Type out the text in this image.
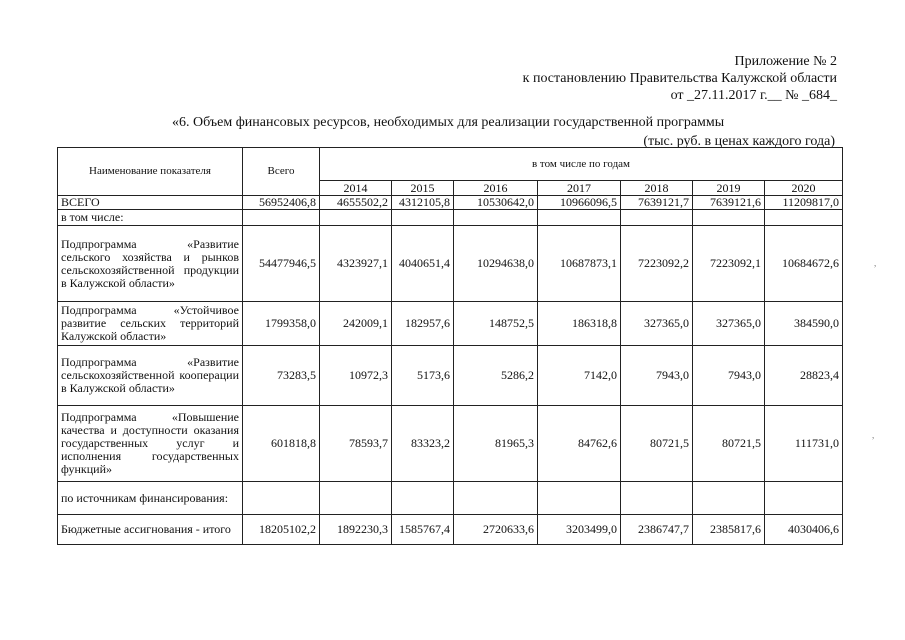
Приложение № 2
к постановлению Правительства Калужской области
от _27.11.2017 г.__ № _684_
«6. Объем финансовых ресурсов, необходимых для реализации государственной программы
(тыс. руб. в ценах каждого года)
Наименование показателя	Всего	в том числе по годам						
		2014	2015	2016	2017	2018	2019	2020
ВСЕГО	56952406,8	4655502,2	4312105,8	10530642,0	10966096,5	7639121,7	7639121,6	11209817,0
в том числе:								
Подпрограмма «Развитие сельского хозяйства и рынков сельскохозяйственной продукции в Калужской области»	54477946,5	4323927,1	4040651,4	10294638,0	10687873,1	7223092,2	7223092,1	10684672,6
Подпрограмма «Устойчивое развитие сельских территорий Калужской области»	1799358,0	242009,1	182957,6	148752,5	186318,8	327365,0	327365,0	384590,0
Подпрограмма «Развитие сельскохозяйственной кооперации в Калужской области»	73283,5	10972,3	5173,6	5286,2	7142,0	7943,0	7943,0	28823,4
Подпрограмма «Повышение качества и доступности оказания государственных услуг и исполнения государственных функций»	601818,8	78593,7	83323,2	81965,3	84762,6	80721,5	80721,5	111731,0
по источникам финансирования:								
Бюджетные ассигнования - итого	18205102,2	1892230,3	1585767,4	2720633,6	3203499,0	2386747,7	2385817,6	4030406,6
,
,
